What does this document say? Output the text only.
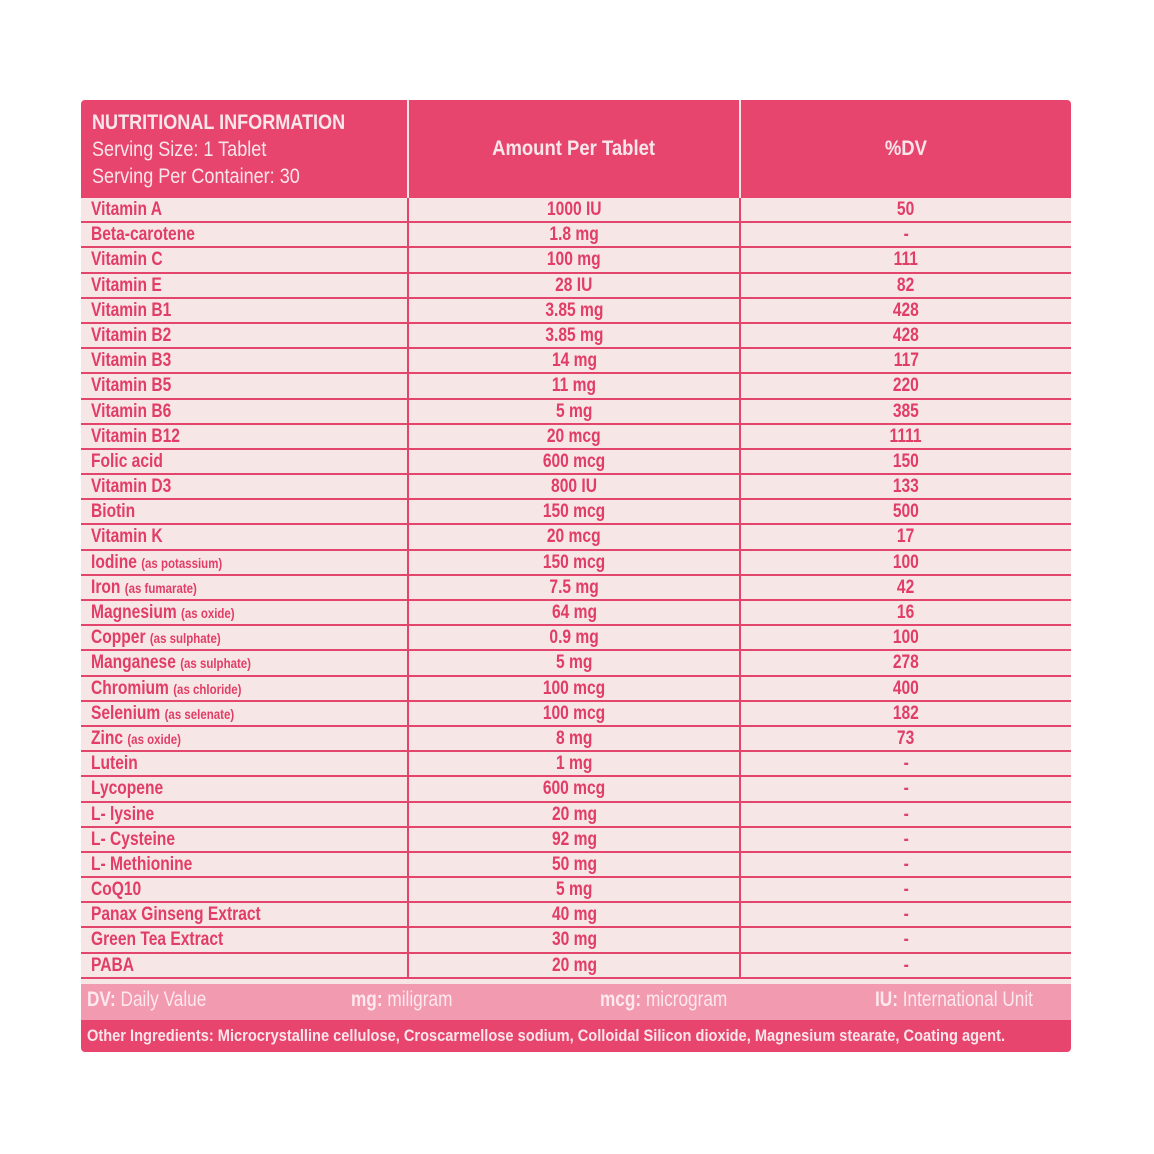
NUTRITIONAL INFORMATION
Serving Size: 1 Tablet
Serving Per Container: 30
Amount Per Tablet	%DV
Vitamin A	1000 IU	50
Beta-carotene	1.8 mg	-
Vitamin C	100 mg	111
Vitamin E	28 IU	82
Vitamin B1	3.85 mg	428
Vitamin B2	3.85 mg	428
Vitamin B3	14 mg	117
Vitamin B5	11 mg	220
Vitamin B6	5 mg	385
Vitamin B12	20 mcg	1111
Folic acid	600 mcg	150
Vitamin D3	800 IU	133
Biotin	150 mcg	500
Vitamin K	20 mcg	17
Iodine (as potassium)	150 mcg	100
Iron (as fumarate)	7.5 mg	42
Magnesium (as oxide)	64 mg	16
Copper (as sulphate)	0.9 mg	100
Manganese (as sulphate)	5 mg	278
Chromium (as chloride)	100 mcg	400
Selenium (as selenate)	100 mcg	182
Zinc (as oxide)	8 mg	73
Lutein	1 mg	-
Lycopene	600 mcg	-
L- lysine	20 mg	-
L- Cysteine	92 mg	-
L- Methionine	50 mg	-
CoQ10	5 mg	-
Panax Ginseng Extract	40 mg	-
Green Tea Extract	30 mg	-
PABA	20 mg	-
DV: Daily Value	mg: miligram	mcg: microgram	IU: International Unit
Other Ingredients: Microcrystalline cellulose, Croscarmellose sodium, Colloidal Silicon dioxide, Magnesium stearate, Coating agent.
